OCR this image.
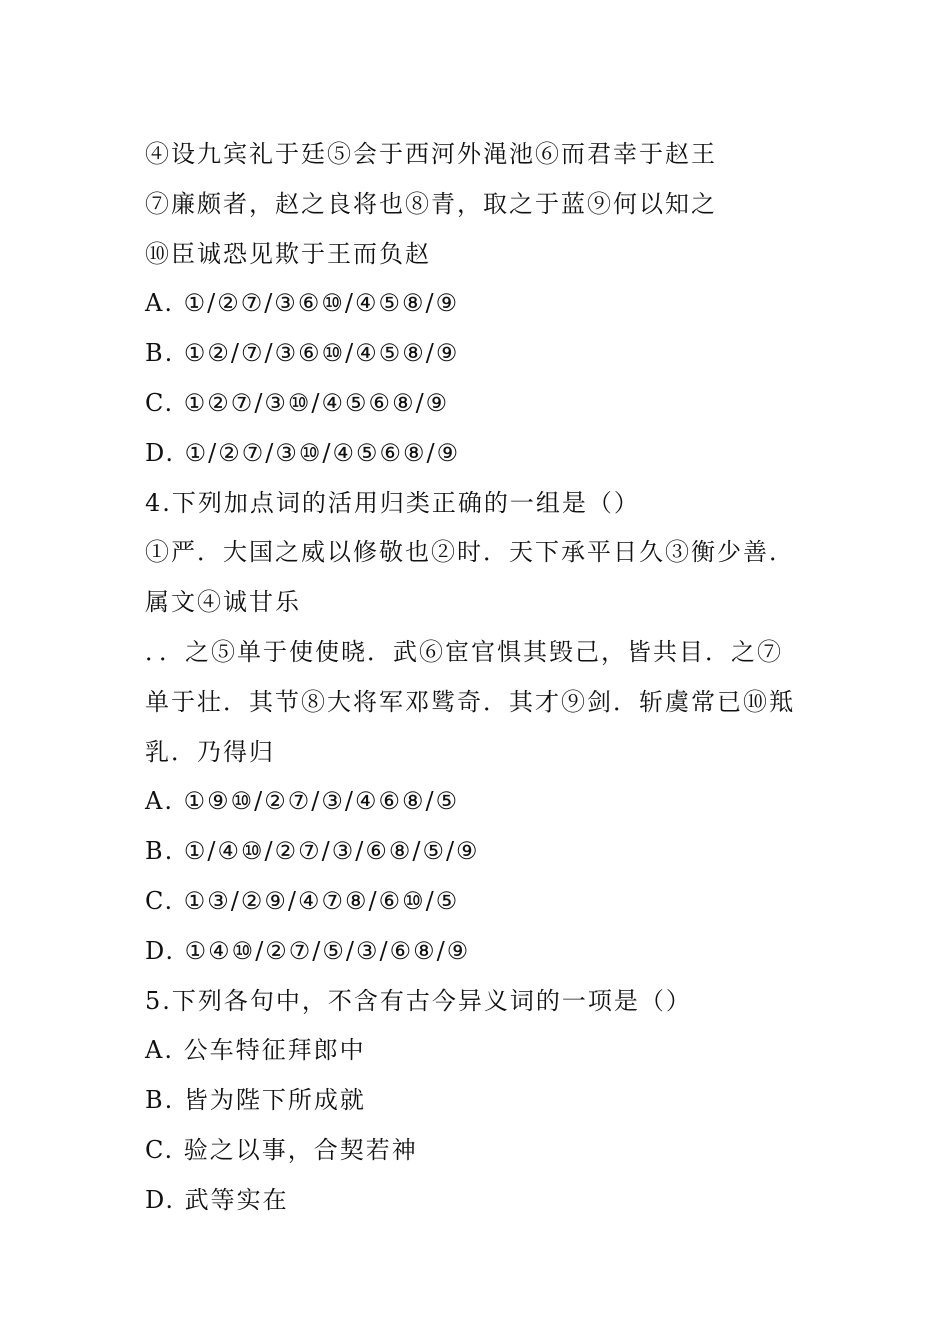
④设九宾礼于廷⑤会于西河外渑池⑥而君幸于赵王
⑦廉颇者，赵之良将也⑧青，取之于蓝⑨何以知之
⑩臣诚恐见欺于王而负赵
A. ①/②⑦/③⑥⑩/④⑤⑧/⑨
B. ①②/⑦/③⑥⑩/④⑤⑧/⑨
C. ①②⑦/③⑩/④⑤⑥⑧/⑨
D. ①/②⑦/③⑩/④⑤⑥⑧/⑨
4.下列加点词的活用归类正确的一组是（）
①严．大国之威以修敬也②时．天下承平日久③衡少善．
属文④诚甘乐
．．之⑤单于使使晓．武⑥宦官惧其毁己，皆共目．之⑦
单于壮．其节⑧大将军邓骘奇．其才⑨剑．斩虞常已⑩羝
乳．乃得归
A. ①⑨⑩/②⑦/③/④⑥⑧/⑤
B. ①/④⑩/②⑦/③/⑥⑧/⑤/⑨
C. ①③/②⑨/④⑦⑧/⑥⑩/⑤
D. ①④⑩/②⑦/⑤/③/⑥⑧/⑨
5.下列各句中，不含有古今异义词的一项是（）
A. 公车特征拜郎中
B. 皆为陛下所成就
C. 验之以事，合契若神
D. 武等实在
